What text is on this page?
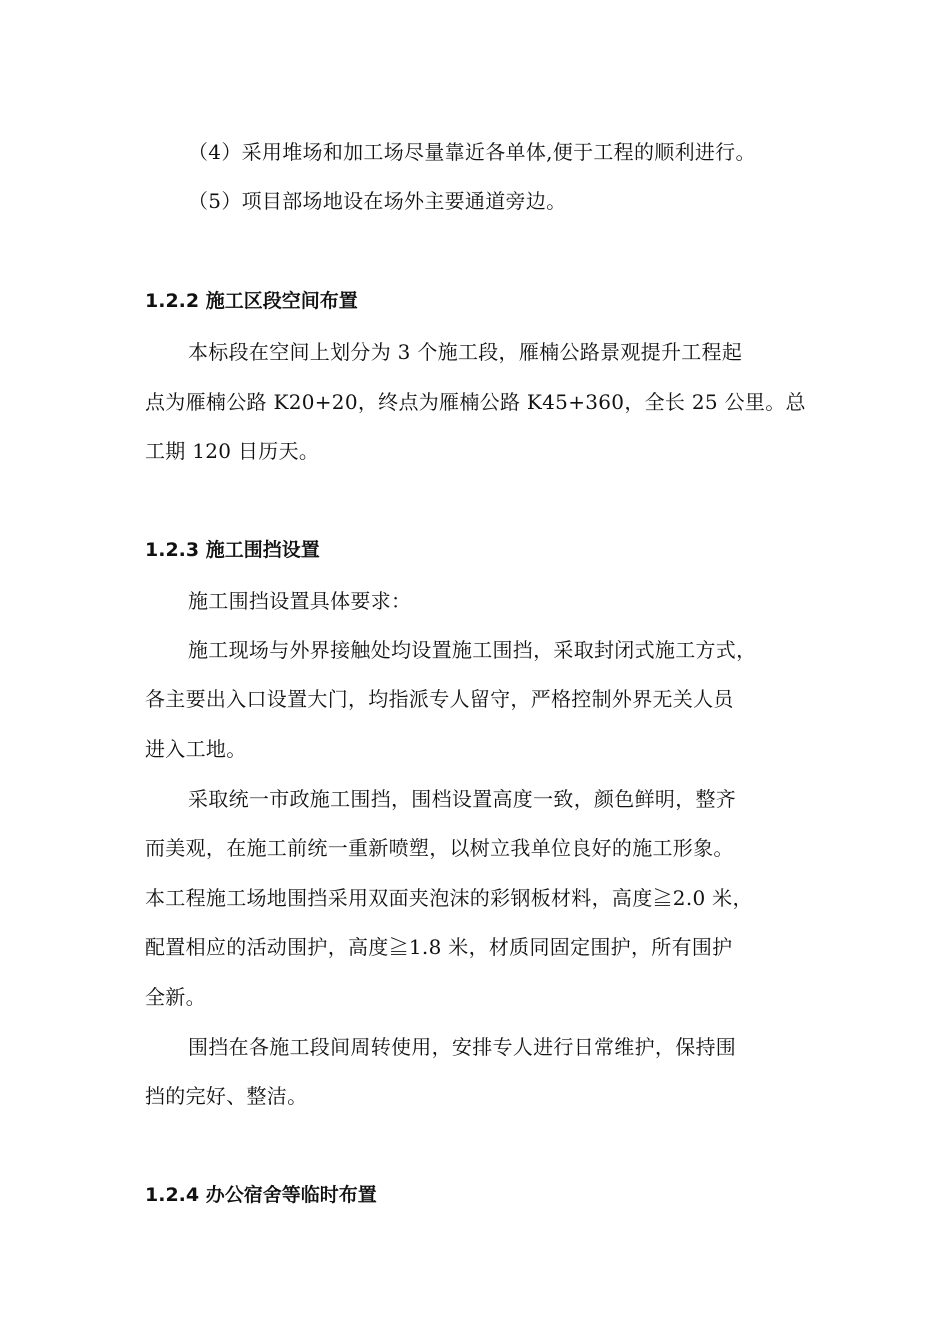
（4）采用堆场和加工场尽量靠近各单体,便于工程的顺利进行。
（5）项目部场地设在场外主要通道旁边。
1.2.2 施工区段空间布置
本标段在空间上划分为 3 个施工段，雁楠公路景观提升工程起
点为雁楠公路 K20+20，终点为雁楠公路 K45+360，全长 25 公里。总
工期 120 日历天。
1.2.3 施工围挡设置
施工围挡设置具体要求：
施工现场与外界接触处均设置施工围挡，采取封闭式施工方式，
各主要出入口设置大门，均指派专人留守，严格控制外界无关人员
进入工地。
采取统一市政施工围挡，围档设置高度一致，颜色鲜明，整齐
而美观，在施工前统一重新喷塑，以树立我单位良好的施工形象。
本工程施工场地围挡采用双面夹泡沫的彩钢板材料，高度≧2.0 米，
配置相应的活动围护，高度≧1.8 米，材质同固定围护，所有围护
全新。
围挡在各施工段间周转使用，安排专人进行日常维护，保持围
挡的完好、整洁。
1.2.4 办公宿舍等临时布置
